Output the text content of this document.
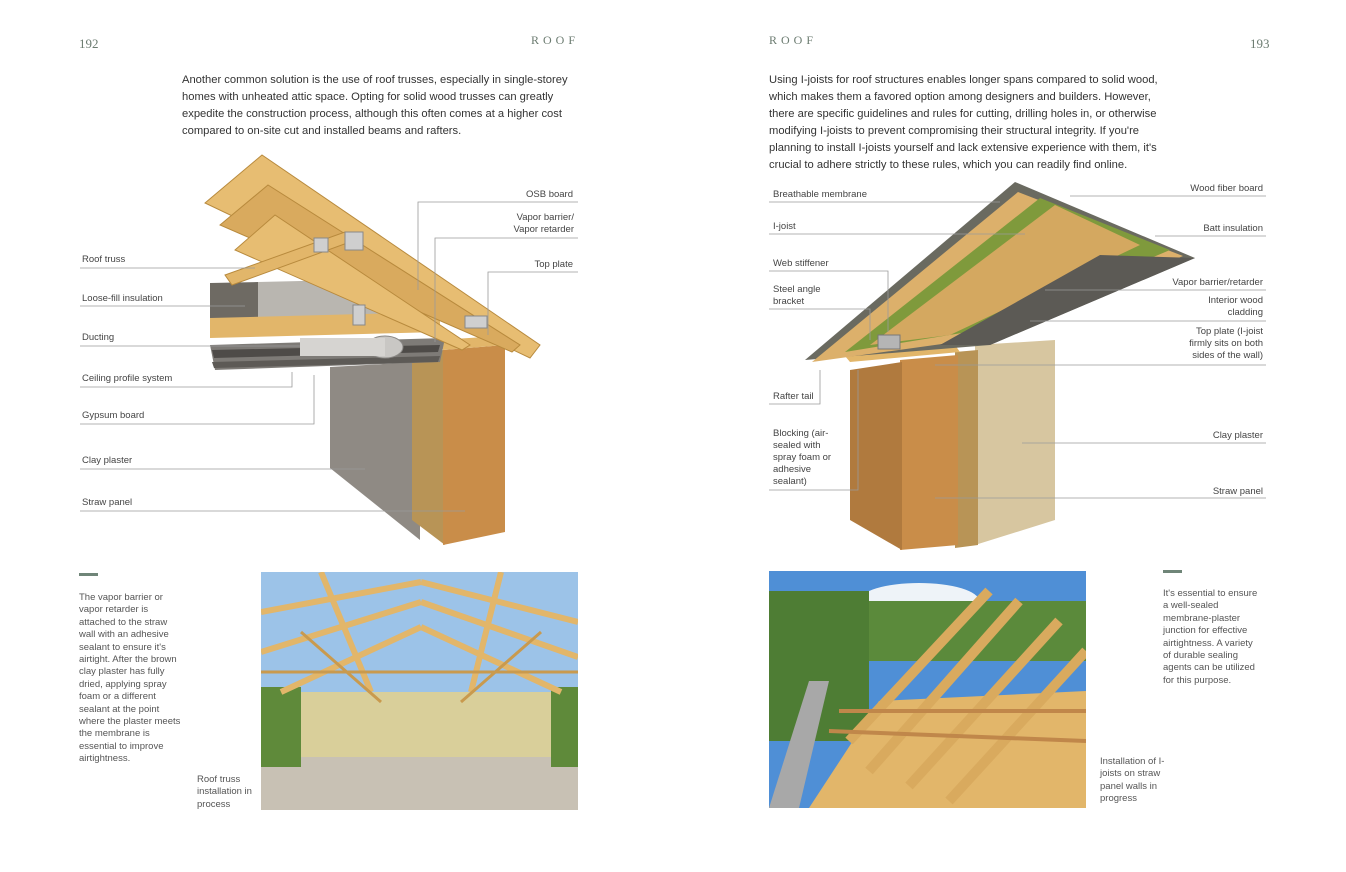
192	ROOF	ROOF	193

Another common solution is the use of roof trusses, especially in single-storey homes with unheated attic space. Opting for solid wood trusses can greatly expedite the construction process, although this often comes at a higher cost compared to on-site cut and installed beams and rafters.

Using I-joists for roof structures enables longer spans compared to solid wood, which makes them a favored option among designers and builders. However, there are specific guidelines and rules for cutting, drilling holes in, or otherwise modifying I-joists to prevent compromising their structural integrity. If you're planning to install I-joists yourself and lack extensive experience with them, it's crucial to adhere strictly to these rules, which you can readily find online.

OSB board
Vapor barrier/ Vapor retarder
Top plate
Roof truss
Loose-fill insulation
Ducting
Ceiling profile system
Gypsum board
Clay plaster
Straw panel
Breathable membrane
I-joist
Web stiffener
Steel angle bracket
Rafter tail
Blocking (air-sealed with spray foam or adhesive sealant)
Wood fiber board
Batt insulation
Vapor barrier/retarder
Interior wood cladding
Top plate (I-joist firmly sits on both sides of the wall)
Clay plaster
Straw panel

The vapor barrier or vapor retarder is attached to the straw wall with an adhesive sealant to ensure it's airtight. After the brown clay plaster has fully dried, applying spray foam or a different sealant at the point where the plaster meets the membrane is essential to improve airtightness.

Roof truss installation in process

Installation of I-joists on straw panel walls in progress

It's essential to ensure a well-sealed membrane-plaster junction for effective airtightness. A variety of durable sealing agents can be utilized for this purpose.
